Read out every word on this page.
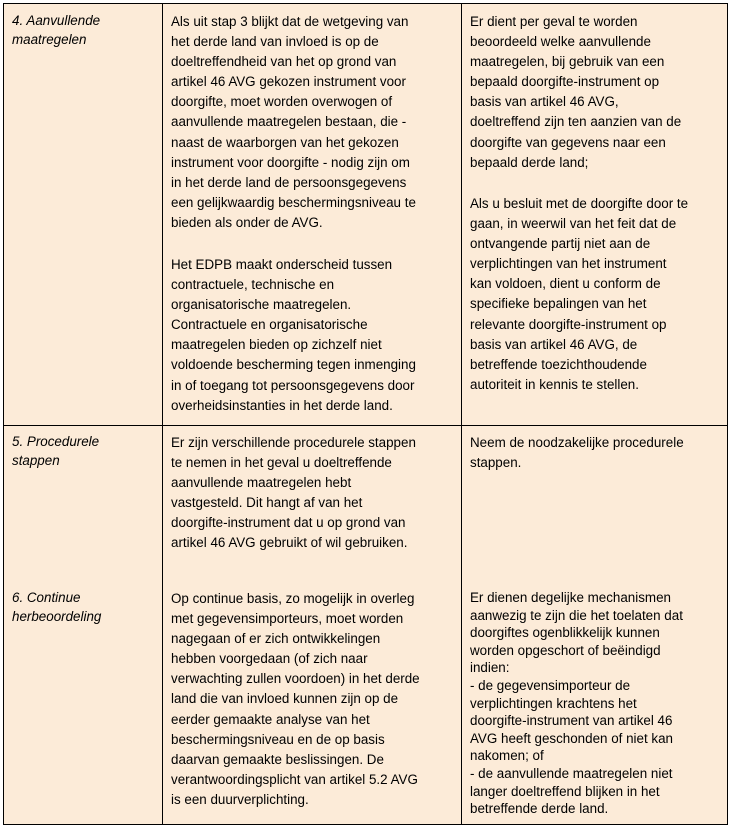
4. Aanvullende
maatregelen
Als uit stap 3 blijkt dat de wetgeving van
het derde land van invloed is op de
doeltreffendheid van het op grond van
artikel 46 AVG gekozen instrument voor
doorgifte, moet worden overwogen of
aanvullende maatregelen bestaan, die -
naast de waarborgen van het gekozen
instrument voor doorgifte - nodig zijn om
in het derde land de persoonsgegevens
een gelijkwaardig beschermingsniveau te
bieden als onder de AVG.
Het EDPB maakt onderscheid tussen
contractuele, technische en
organisatorische maatregelen.
Contractuele en organisatorische
maatregelen bieden op zichzelf niet
voldoende bescherming tegen inmenging
in of toegang tot persoonsgegevens door
overheidsinstanties in het derde land.
Er dient per geval te worden
beoordeeld welke aanvullende
maatregelen, bij gebruik van een
bepaald doorgifte-instrument op
basis van artikel 46 AVG,
doeltreffend zijn ten aanzien van de
doorgifte van gegevens naar een
bepaald derde land;
Als u besluit met de doorgifte door te
gaan, in weerwil van het feit dat de
ontvangende partij niet aan de
verplichtingen van het instrument
kan voldoen, dient u conform de
specifieke bepalingen van het
relevante doorgifte-instrument op
basis van artikel 46 AVG, de
betreffende toezichthoudende
autoriteit in kennis te stellen.
5. Procedurele
stappen
Er zijn verschillende procedurele stappen
te nemen in het geval u doeltreffende
aanvullende maatregelen hebt
vastgesteld. Dit hangt af van het
doorgifte-instrument dat u op grond van
artikel 46 AVG gebruikt of wil gebruiken.
Neem de noodzakelijke procedurele
stappen.
6. Continue
herbeoordeling
Op continue basis, zo mogelijk in overleg
met gegevensimporteurs, moet worden
nagegaan of er zich ontwikkelingen
hebben voorgedaan (of zich naar
verwachting zullen voordoen) in het derde
land die van invloed kunnen zijn op de
eerder gemaakte analyse van het
beschermingsniveau en de op basis
daarvan gemaakte beslissingen. De
verantwoordingsplicht van artikel 5.2 AVG
is een duurverplichting.
Er dienen degelijke mechanismen
aanwezig te zijn die het toelaten dat
doorgiftes ogenblikkelijk kunnen
worden opgeschort of beëindigd
indien:
- de gegevensimporteur de
verplichtingen krachtens het
doorgifte-instrument van artikel 46
AVG heeft geschonden of niet kan
nakomen; of
- de aanvullende maatregelen niet
langer doeltreffend blijken in het
betreffende derde land.
